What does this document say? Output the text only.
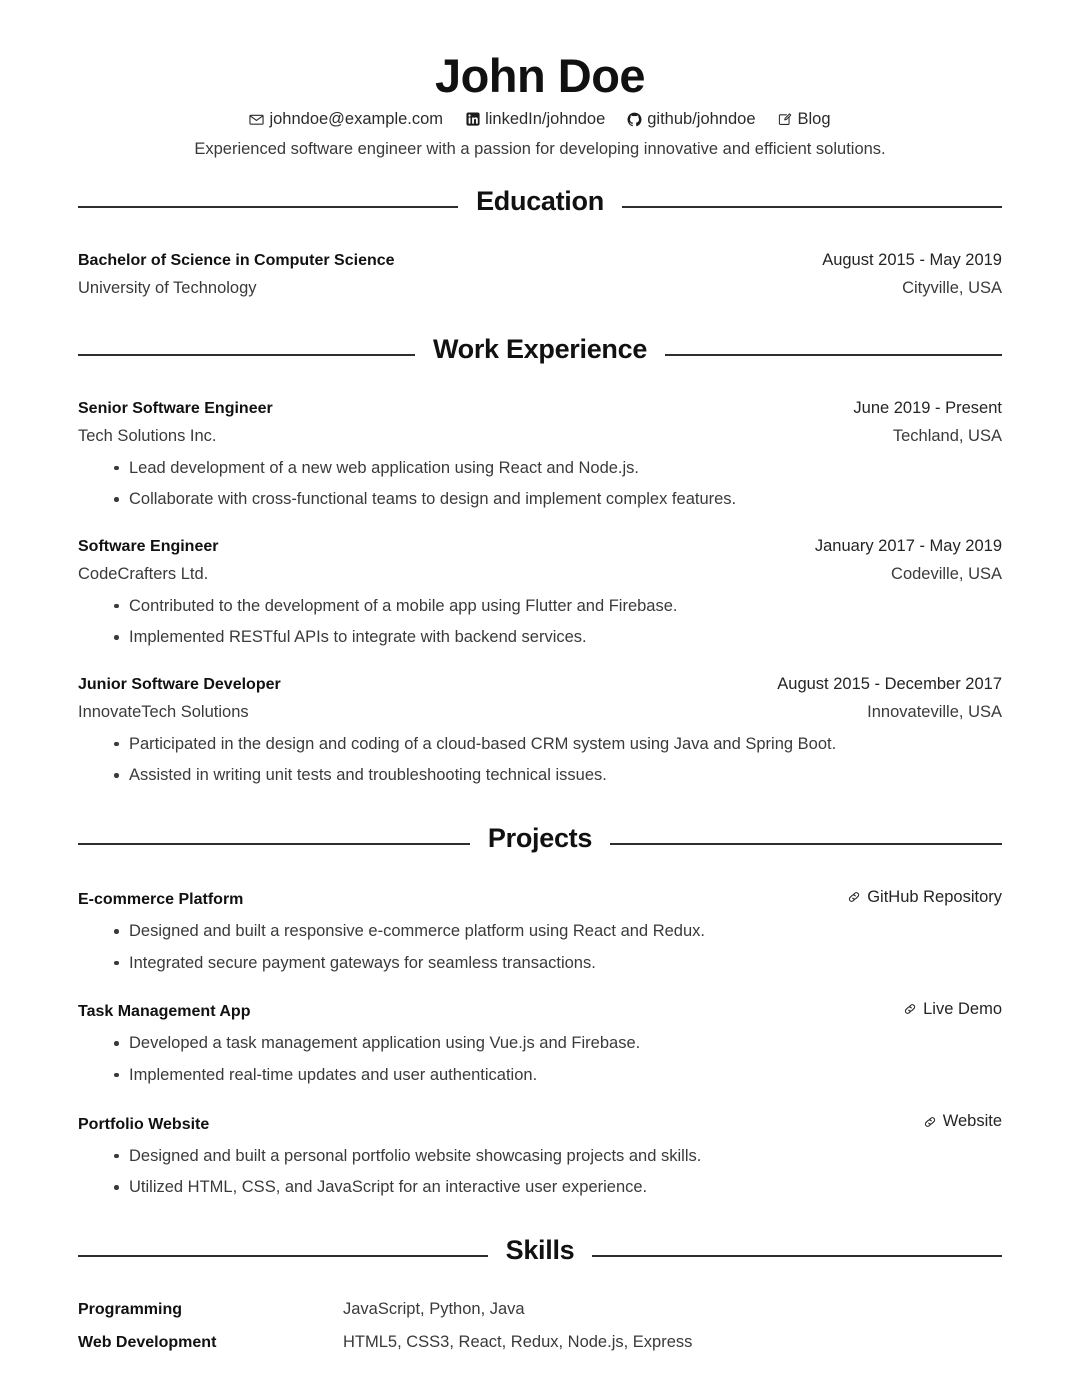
John Doe
johndoe@example.com	linkedIn/johndoe	github/johndoe	Blog
Experienced software engineer with a passion for developing innovative and efficient solutions.
Education
Bachelor of Science in Computer Science	August 2015 - May 2019
University of Technology	Cityville, USA
Work Experience
Senior Software Engineer	June 2019 - Present
Tech Solutions Inc.	Techland, USA
Lead development of a new web application using React and Node.js.
Collaborate with cross-functional teams to design and implement complex features.
Software Engineer	January 2017 - May 2019
CodeCrafters Ltd.	Codeville, USA
Contributed to the development of a mobile app using Flutter and Firebase.
Implemented RESTful APIs to integrate with backend services.
Junior Software Developer	August 2015 - December 2017
InnovateTech Solutions	Innovateville, USA
Participated in the design and coding of a cloud-based CRM system using Java and Spring Boot.
Assisted in writing unit tests and troubleshooting technical issues.
Projects
E-commerce Platform	GitHub Repository
Designed and built a responsive e-commerce platform using React and Redux.
Integrated secure payment gateways for seamless transactions.
Task Management App	Live Demo
Developed a task management application using Vue.js and Firebase.
Implemented real-time updates and user authentication.
Portfolio Website	Website
Designed and built a personal portfolio website showcasing projects and skills.
Utilized HTML, CSS, and JavaScript for an interactive user experience.
Skills
Programming	JavaScript, Python, Java
Web Development	HTML5, CSS3, React, Redux, Node.js, Express
